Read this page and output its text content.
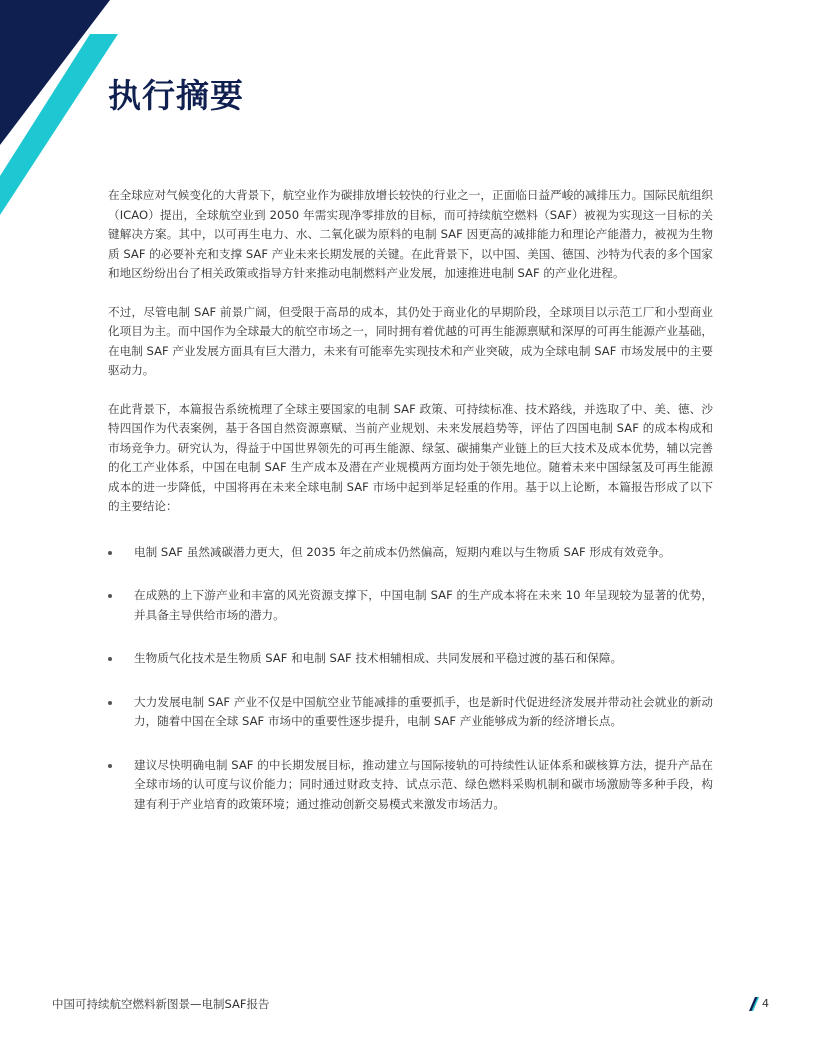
执行摘要

在全球应对气候变化的大背景下，航空业作为碳排放增长较快的行业之一，正面临日益严峻的减排压力。国际民航组织（ICAO）提出，全球航空业到 2050 年需实现净零排放的目标，而可持续航空燃料（SAF）被视为实现这一目标的关键解决方案。其中，以可再生电力、水、二氧化碳为原料的电制 SAF 因更高的减排能力和理论产能潜力，被视为生物质 SAF 的必要补充和支撑 SAF 产业未来长期发展的关键。在此背景下，以中国、美国、德国、沙特为代表的多个国家和地区纷纷出台了相关政策或指导方针来推动电制燃料产业发展，加速推进电制 SAF 的产业化进程。

不过，尽管电制 SAF 前景广阔，但受限于高昂的成本，其仍处于商业化的早期阶段，全球项目以示范工厂和小型商业化项目为主。而中国作为全球最大的航空市场之一，同时拥有着优越的可再生能源禀赋和深厚的可再生能源产业基础，在电制 SAF 产业发展方面具有巨大潜力，未来有可能率先实现技术和产业突破，成为全球电制 SAF 市场发展中的主要驱动力。

在此背景下，本篇报告系统梳理了全球主要国家的电制 SAF 政策、可持续标准、技术路线，并选取了中、美、德、沙特四国作为代表案例，基于各国自然资源禀赋、当前产业规划、未来发展趋势等，评估了四国电制 SAF 的成本构成和市场竞争力。研究认为，得益于中国世界领先的可再生能源、绿氢、碳捕集产业链上的巨大技术及成本优势，辅以完善的化工产业体系，中国在电制 SAF 生产成本及潜在产业规模两方面均处于领先地位。随着未来中国绿氢及可再生能源成本的进一步降低，中国将再在未来全球电制 SAF 市场中起到举足轻重的作用。基于以上论断，本篇报告形成了以下的主要结论：

电制 SAF 虽然减碳潜力更大，但 2035 年之前成本仍然偏高，短期内难以与生物质 SAF 形成有效竞争。
在成熟的上下游产业和丰富的风光资源支撑下，中国电制 SAF 的生产成本将在未来 10 年呈现较为显著的优势，并具备主导供给市场的潜力。
生物质气化技术是生物质 SAF 和电制 SAF 技术相辅相成、共同发展和平稳过渡的基石和保障。
大力发展电制 SAF 产业不仅是中国航空业节能减排的重要抓手，也是新时代促进经济发展并带动社会就业的新动力，随着中国在全球 SAF 市场中的重要性逐步提升，电制 SAF 产业能够成为新的经济增长点。
建议尽快明确电制 SAF 的中长期发展目标，推动建立与国际接轨的可持续性认证体系和碳核算方法，提升产品在全球市场的认可度与议价能力；同时通过财政支持、试点示范、绿色燃料采购机制和碳市场激励等多种手段，构建有利于产业培育的政策环境；通过推动创新交易模式来激发市场活力。
中国可持续航空燃料新图景—电制SAF报告	4
